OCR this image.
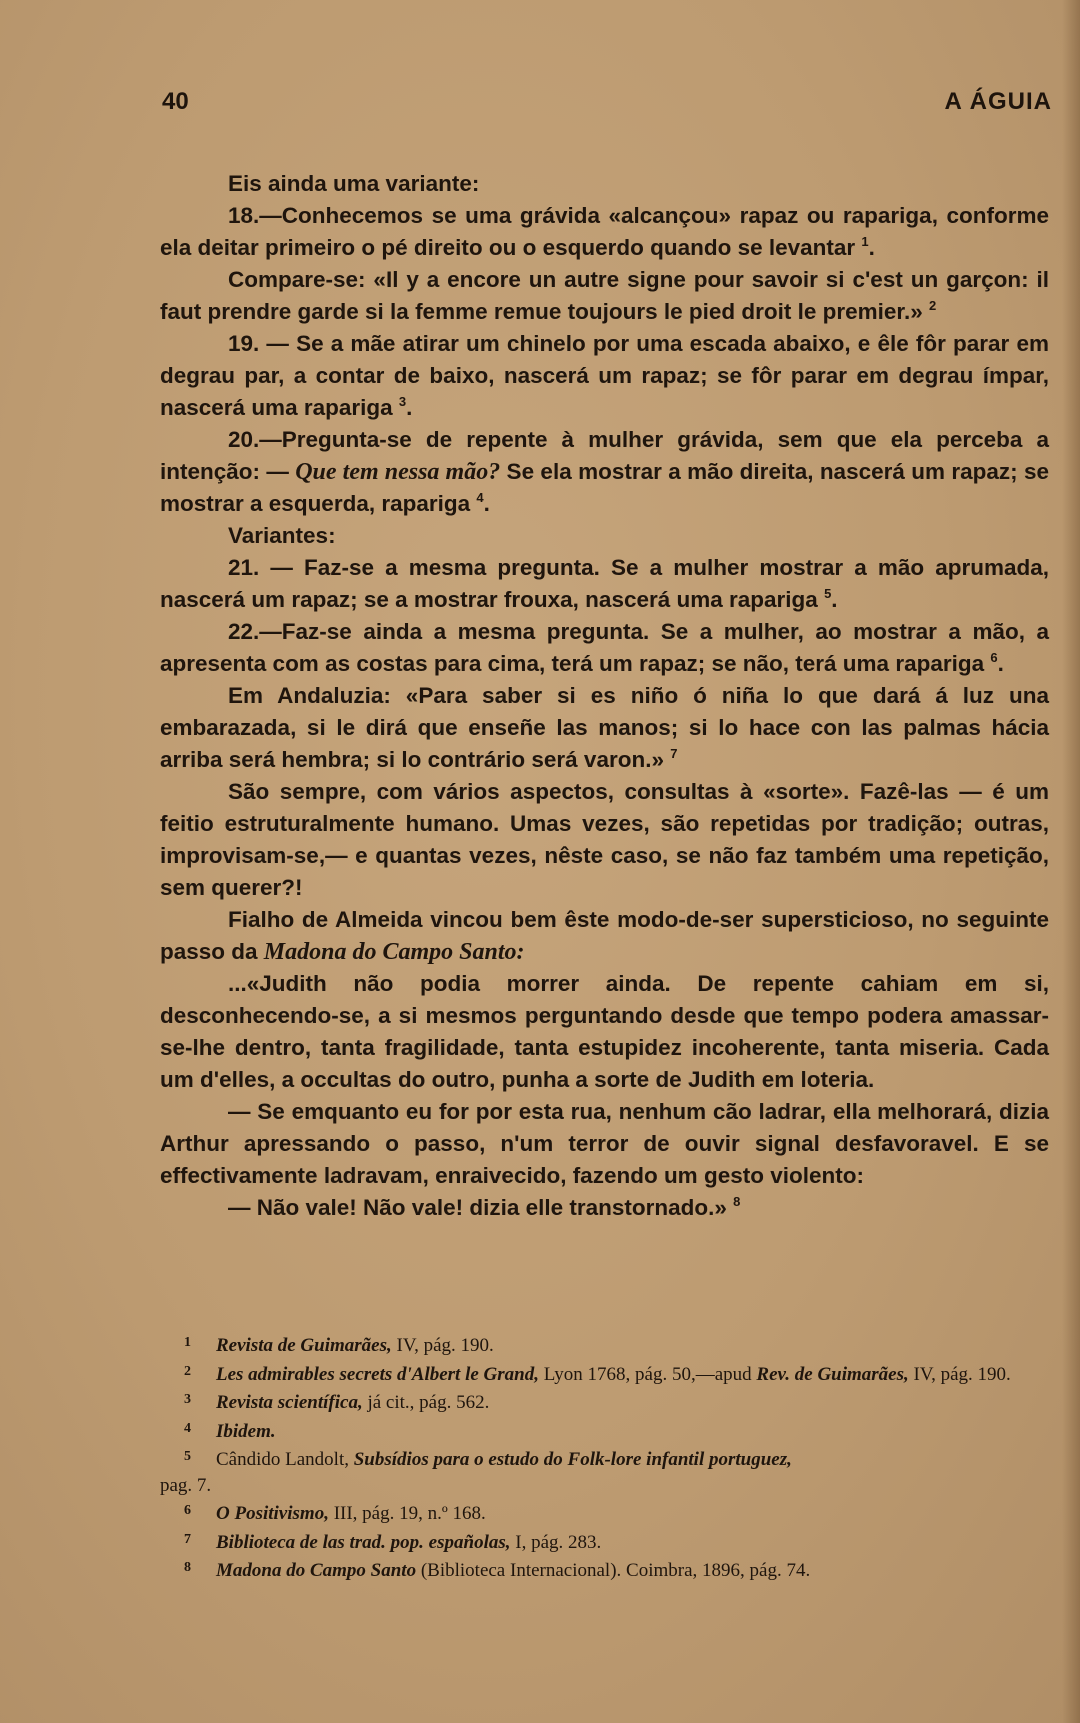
40	A ÁGUIA

Eis ainda uma variante:

18.—Conhecemos se uma grávida «alcançou» rapaz ou rapariga, conforme ela deitar primeiro o pé direito ou o esquerdo quando se levantar $^1$.

Compare-se: «Il y a encore un autre signe pour savoir si c'est un garçon: il faut prendre garde si la femme remue toujours le pied droit le premier.» $^2$

19. — Se a mãe atirar um chinelo por uma escada abaixo, e êle fôr parar em degrau par, a contar de baixo, nascerá um rapaz; se fôr parar em degrau ímpar, nascerá uma rapariga $^3$.

20.—Pregunta-se de repente à mulher grávida, sem que ela perceba a intenção: — Que tem nessa mão? Se ela mostrar a mão direita, nascerá um rapaz; se mostrar a esquerda, rapariga $^4$.

Variantes:

21. — Faz-se a mesma pregunta. Se a mulher mostrar a mão aprumada, nascerá um rapaz; se a mostrar frouxa, nascerá uma rapariga $^5$.

22.—Faz-se ainda a mesma pregunta. Se a mulher, ao mostrar a mão, a apresenta com as costas para cima, terá um rapaz; se não, terá uma rapariga $^6$.

Em Andaluzia: «Para saber si es niño ó niña lo que dará á luz una embarazada, si le dirá que enseñe las manos; si lo hace con las palmas hácia arriba será hembra; si lo contrário será varon.» $^7$

São sempre, com vários aspectos, consultas à «sorte». Fazê-las — é um feitio estruturalmente humano. Umas vezes, são repetidas por tradição; outras, improvisam-se,— e quantas vezes, nêste caso, se não faz também uma repetição, sem querer?!

Fialho de Almeida vincou bem êste modo-de-ser supersticioso, no seguinte passo da Madona do Campo Santo:

...«Judith não podia morrer ainda. De repente cahiam em si, desconhecendo-se, a si mesmos perguntando desde que tempo podera amassar-se-lhe dentro, tanta fragilidade, tanta estupidez incoherente, tanta miseria. Cada um d'elles, a occultas do outro, punha a sorte de Judith em loteria.

— Se emquanto eu for por esta rua, nenhum cão ladrar, ella melhorará, dizia Arthur apressando o passo, n'um terror de ouvir signal desfavoravel. E se effectivamente ladravam, enraivecido, fazendo um gesto violento:

— Não vale! Não vale! dizia elle transtornado.» $^8$

1 Revista de Guimarães, IV, pág. 190.

2 Les admirables secrets d'Albert le Grand, Lyon 1768, pág. 50,—apud Rev. de Guimarães, IV, pág. 190.

3 Revista scientífica, já cit., pág. 562.

4 Ibidem.

5 Cândido Landolt, Subsídios para o estudo do Folk-lore infantil portuguez,

pag. 7.

6 O Positivismo, III, pág. 19, n.º 168.

7 Biblioteca de las trad. pop. españolas, I, pág. 283.

8 Madona do Campo Santo (Biblioteca Internacional). Coimbra, 1896, pág. 74.
